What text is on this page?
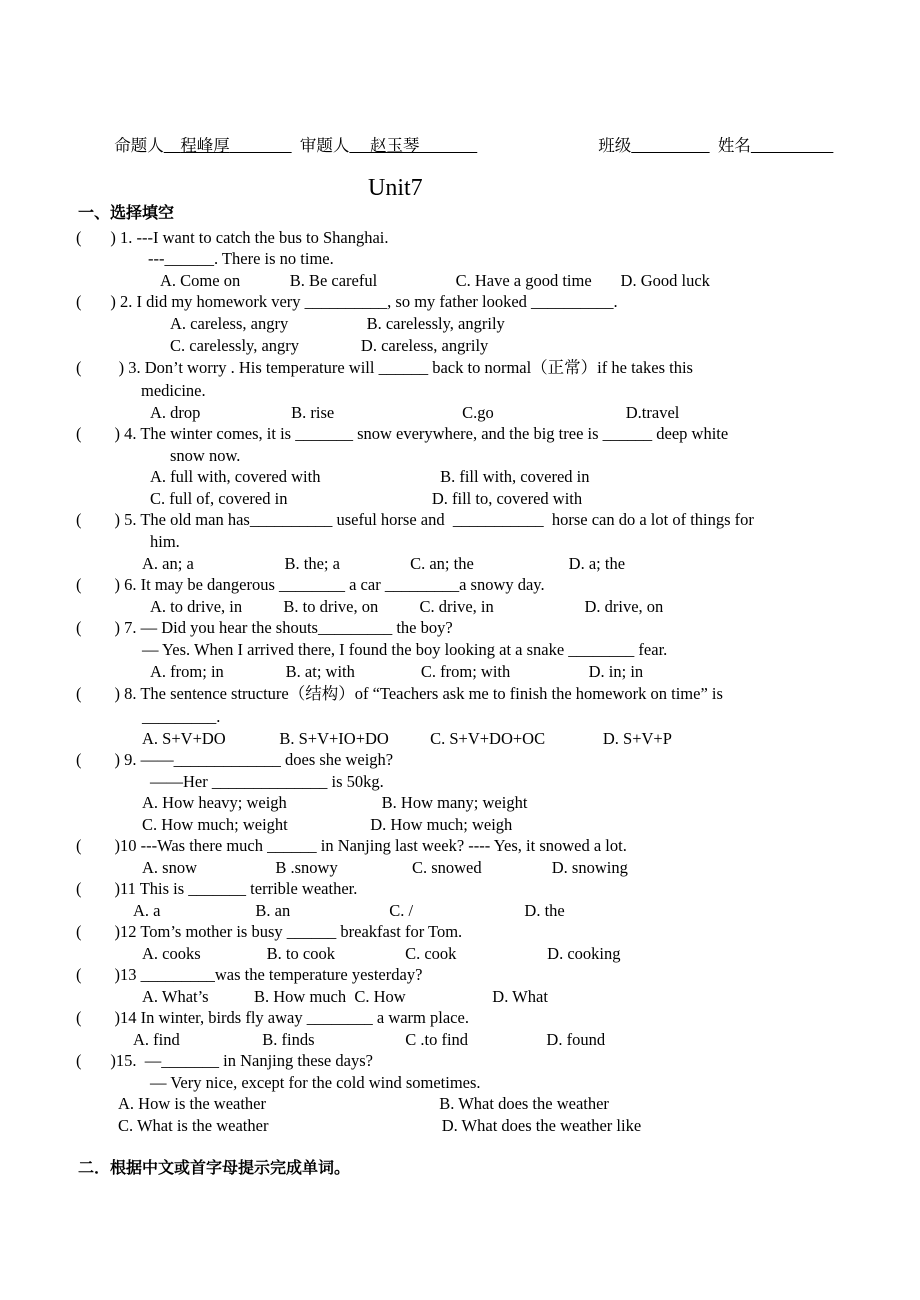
命题人 程峰厚	审题人 赵玉琴	班级	姓名

Unit7
一、选择填空
(       ) 1. ---I want to catch the bus to Shanghai.
---______. There is no time.
A. Come on            B. Be careful                   C. Have a good time       D. Good luck
(       ) 2. I did my homework very __________, so my father looked __________.
A. careless, angry                   B. carelessly, angrily
C. carelessly, angry               D. careless, angrily
(         ) 3. Don’t worry . His temperature will ______ back to normal（正常）if he takes this
medicine.
A. drop                      B. rise                               C.go                                D.travel
(        ) 4. The winter comes, it is _______ snow everywhere, and the big tree is ______ deep white
snow now.
A. full with, covered with                             B. fill with, covered in
C. full of, covered in                                   D. fill to, covered with
(        ) 5. The old man has__________ useful horse and  ___________  horse can do a lot of things for
him.
A. an; a                      B. the; a                 C. an; the                       D. a; the
(        ) 6. It may be dangerous ________ a car _________a snowy day.
A. to drive, in          B. to drive, on          C. drive, in                      D. drive, on
(        ) 7. — Did you hear the shouts_________ the boy?
— Yes. When I arrived there, I found the boy looking at a snake ________ fear.
A. from; in               B. at; with                C. from; with                   D. in; in
(        ) 8. The sentence structure（结构）of “Teachers ask me to finish the homework on time” is
_________.
A. S+V+DO             B. S+V+IO+DO          C. S+V+DO+OC              D. S+V+P
(        ) 9. ——_____________ does she weigh?
——Her ______________ is 50kg.
A. How heavy; weigh                       B. How many; weight
C. How much; weight                    D. How much; weigh
(        )10 ---Was there much ______ in Nanjing last week? ---- Yes, it snowed a lot.
A. snow                   B .snowy                  C. snowed                 D. snowing
(        )11 This is _______ terrible weather.
A. a                       B. an                        C. /                           D. the
(        )12 Tom’s mother is busy ______ breakfast for Tom.
A. cooks                B. to cook                 C. cook                      D. cooking
(        )13 _________was the temperature yesterday?
A. What’s           B. How much  C. How                     D. What
(        )14 In winter, birds fly away ________ a warm place.
A. find                    B. finds                      C .to find                   D. found
(       )15.  —_______ in Nanjing these days?
— Very nice, except for the cold wind sometimes.
A. How is the weather                                          B. What does the weather
C. What is the weather                                          D. What does the weather like
二．根据中文或首字母提示完成单词。
